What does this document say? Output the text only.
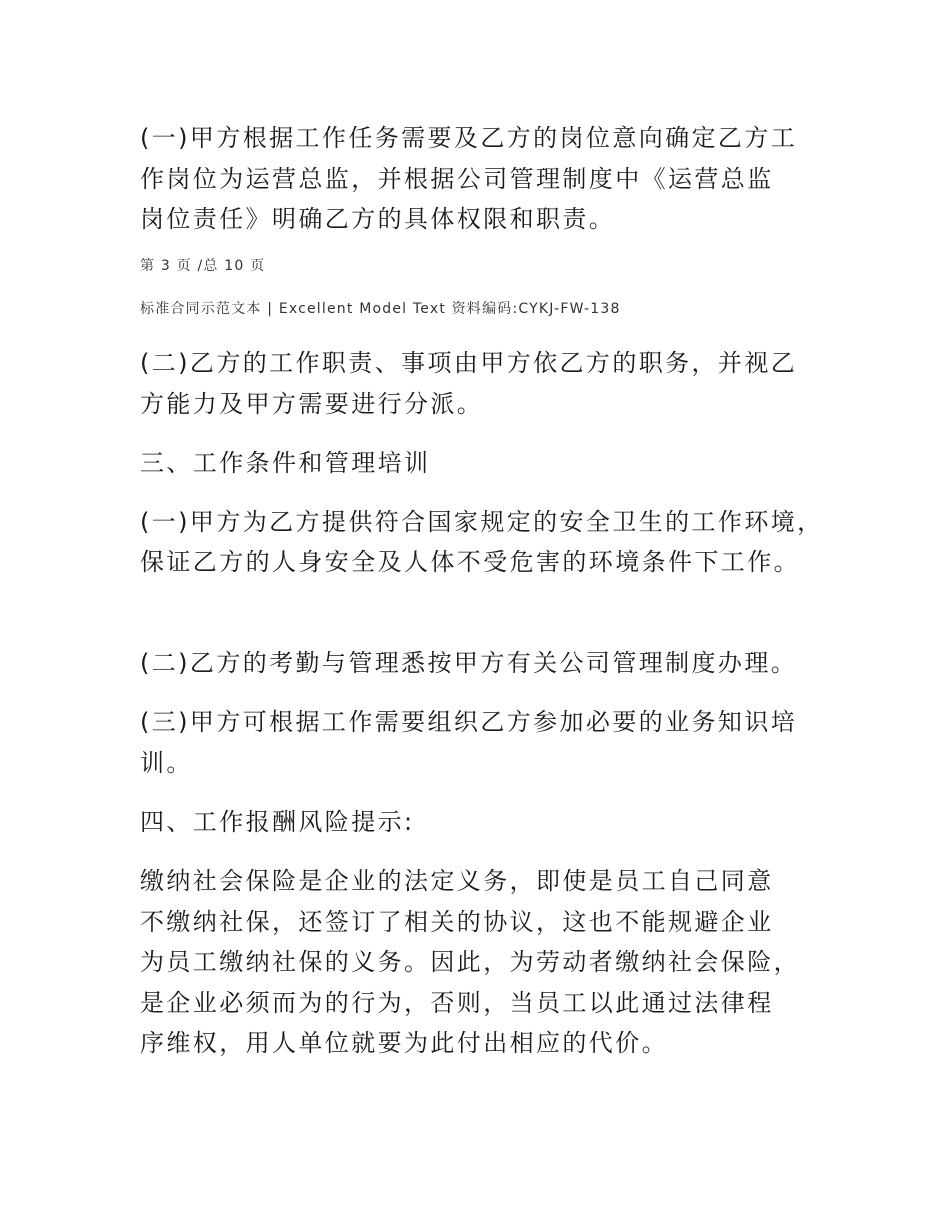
(一)甲方根据工作任务需要及乙方的岗位意向确定乙方工
作岗位为运营总监，并根据公司管理制度中《运营总监
岗位责任》明确乙方的具体权限和职责。
第 3 页 /总 10 页
标准合同示范文本 | Excellent Model Text 资料编码:CYKJ-FW-138
(二)乙方的工作职责、事项由甲方依乙方的职务，并视乙
方能力及甲方需要进行分派。
三、工作条件和管理培训
(一)甲方为乙方提供符合国家规定的安全卫生的工作环境，
保证乙方的人身安全及人体不受危害的环境条件下工作。
(二)乙方的考勤与管理悉按甲方有关公司管理制度办理。
(三)甲方可根据工作需要组织乙方参加必要的业务知识培
训。
四、工作报酬风险提示:
缴纳社会保险是企业的法定义务，即使是员工自己同意
不缴纳社保，还签订了相关的协议，这也不能规避企业
为员工缴纳社保的义务。因此，为劳动者缴纳社会保险，
是企业必须而为的行为，否则，当员工以此通过法律程
序维权，用人单位就要为此付出相应的代价。
